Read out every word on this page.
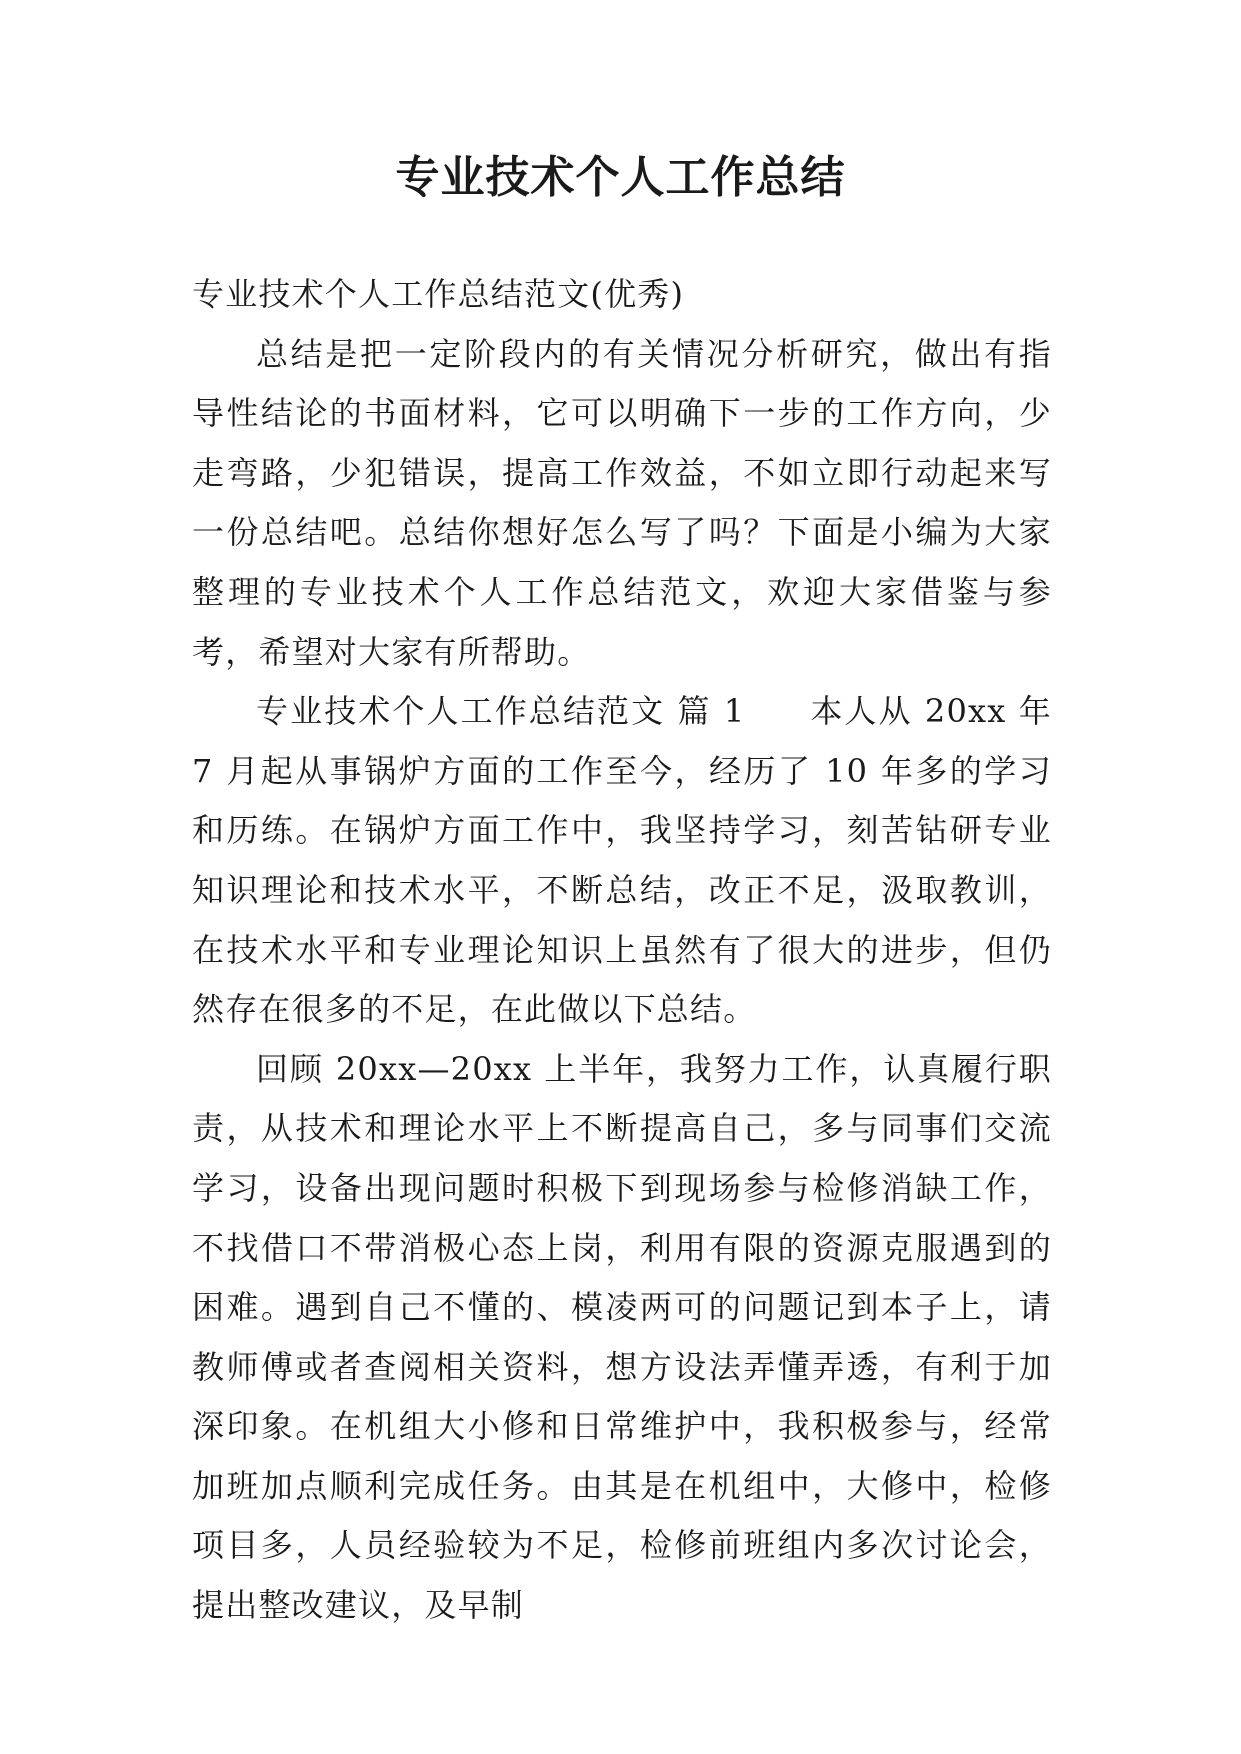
专业技术个人工作总结

专业技术个人工作总结范文(优秀)

总结是把一定阶段内的有关情况分析研究，做出有指导性结论的书面材料，它可以明确下一步的工作方向，少走弯路，少犯错误，提高工作效益，不如立即行动起来写一份总结吧。总结你想好怎么写了吗？下面是小编为大家整理的专业技术个人工作总结范文，欢迎大家借鉴与参考，希望对大家有所帮助。

专业技术个人工作总结范文 篇 1 本人从 20xx 年 7 月起从事锅炉方面的工作至今，经历了 10 年多的学习和历练。在锅炉方面工作中，我坚持学习，刻苦钻研专业知识理论和技术水平，不断总结，改正不足，汲取教训，在技术水平和专业理论知识上虽然有了很大的进步，但仍然存在很多的不足，在此做以下总结。

回顾 20xx—20xx 上半年，我努力工作，认真履行职责，从技术和理论水平上不断提高自己，多与同事们交流学习，设备出现问题时积极下到现场参与检修消缺工作，不找借口不带消极心态上岗，利用有限的资源克服遇到的困难。遇到自己不懂的、模凌两可的问题记到本子上，请教师傅或者查阅相关资料，想方设法弄懂弄透，有利于加深印象。在机组大小修和日常维护中，我积极参与，经常加班加点顺利完成任务。由其是在机组中，大修中，检修项目多，人员经验较为不足，检修前班组内多次讨论会，提出整改建议，及早制
